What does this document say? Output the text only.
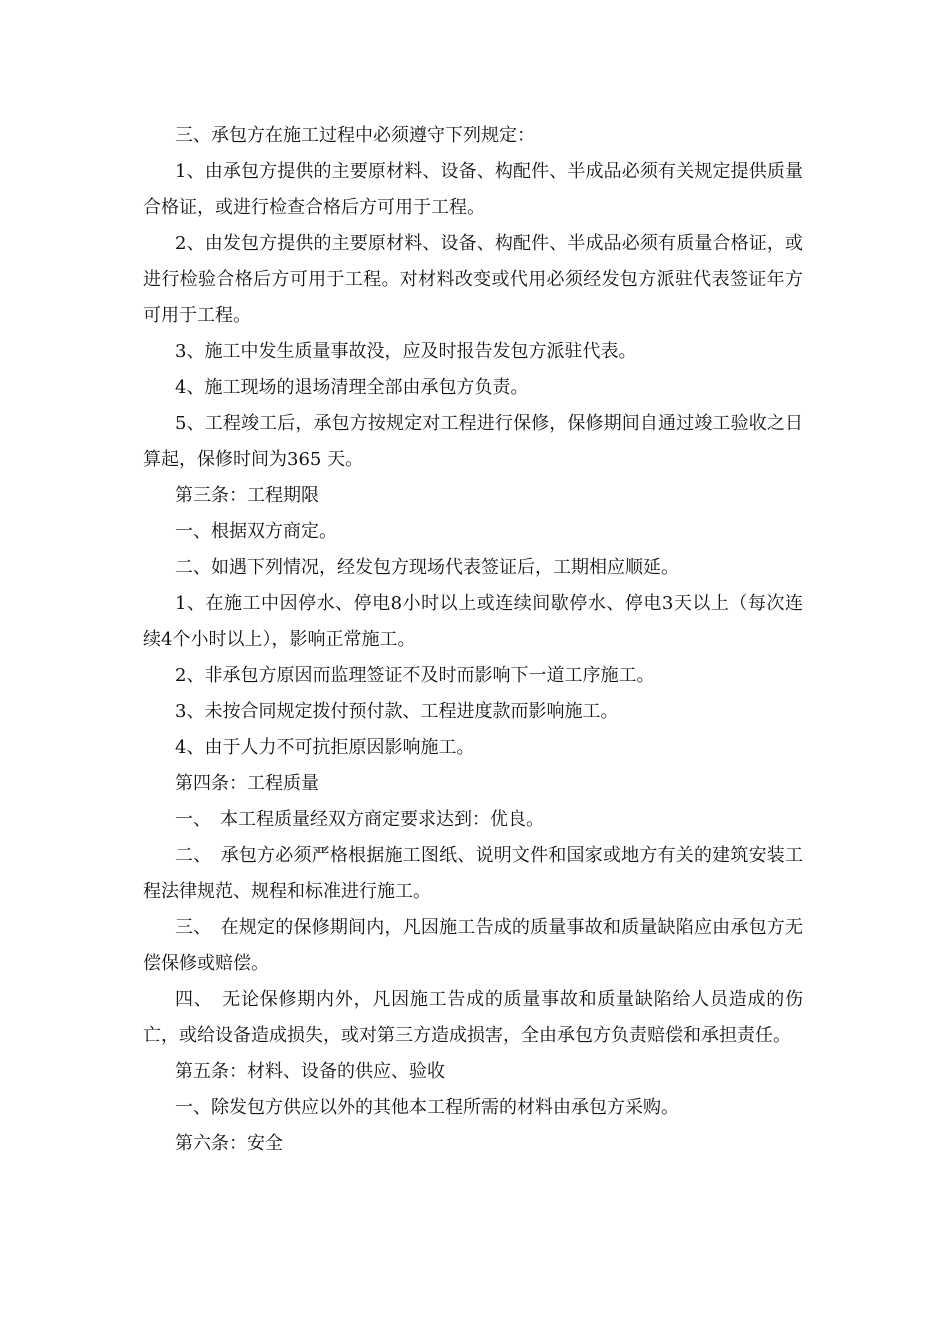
三、承包方在施工过程中必须遵守下列规定：

1、由承包方提供的主要原材料、设备、构配件、半成品必须有关规定提供质量合格证，或进行检查合格后方可用于工程。

2、由发包方提供的主要原材料、设备、构配件、半成品必须有质量合格证，或进行检验合格后方可用于工程。对材料改变或代用必须经发包方派驻代表签证年方可用于工程。

3、施工中发生质量事故没，应及时报告发包方派驻代表。

4、施工现场的退场清理全部由承包方负责。

5、工程竣工后，承包方按规定对工程进行保修，保修期间自通过竣工验收之日算起，保修时间为365 天。

第三条：工程期限

一、根据双方商定。

二、如遇下列情况，经发包方现场代表签证后，工期相应顺延。

1、在施工中因停水、停电8小时以上或连续间歇停水、停电3天以上（每次连续4个小时以上），影响正常施工。

2、非承包方原因而监理签证不及时而影响下一道工序施工。

3、未按合同规定拨付预付款、工程进度款而影响施工。

4、由于人力不可抗拒原因影响施工。

第四条：工程质量

一、　本工程质量经双方商定要求达到：优良。

二、　承包方必须严格根据施工图纸、说明文件和国家或地方有关的建筑安装工程法律规范、规程和标准进行施工。

三、　在规定的保修期间内，凡因施工告成的质量事故和质量缺陷应由承包方无偿保修或赔偿。

四、　无论保修期内外，凡因施工告成的质量事故和质量缺陷给人员造成的伤亡，或给设备造成损失，或对第三方造成损害，全由承包方负责赔偿和承担责任。

第五条：材料、设备的供应、验收

一、除发包方供应以外的其他本工程所需的材料由承包方采购。

第六条：安全
